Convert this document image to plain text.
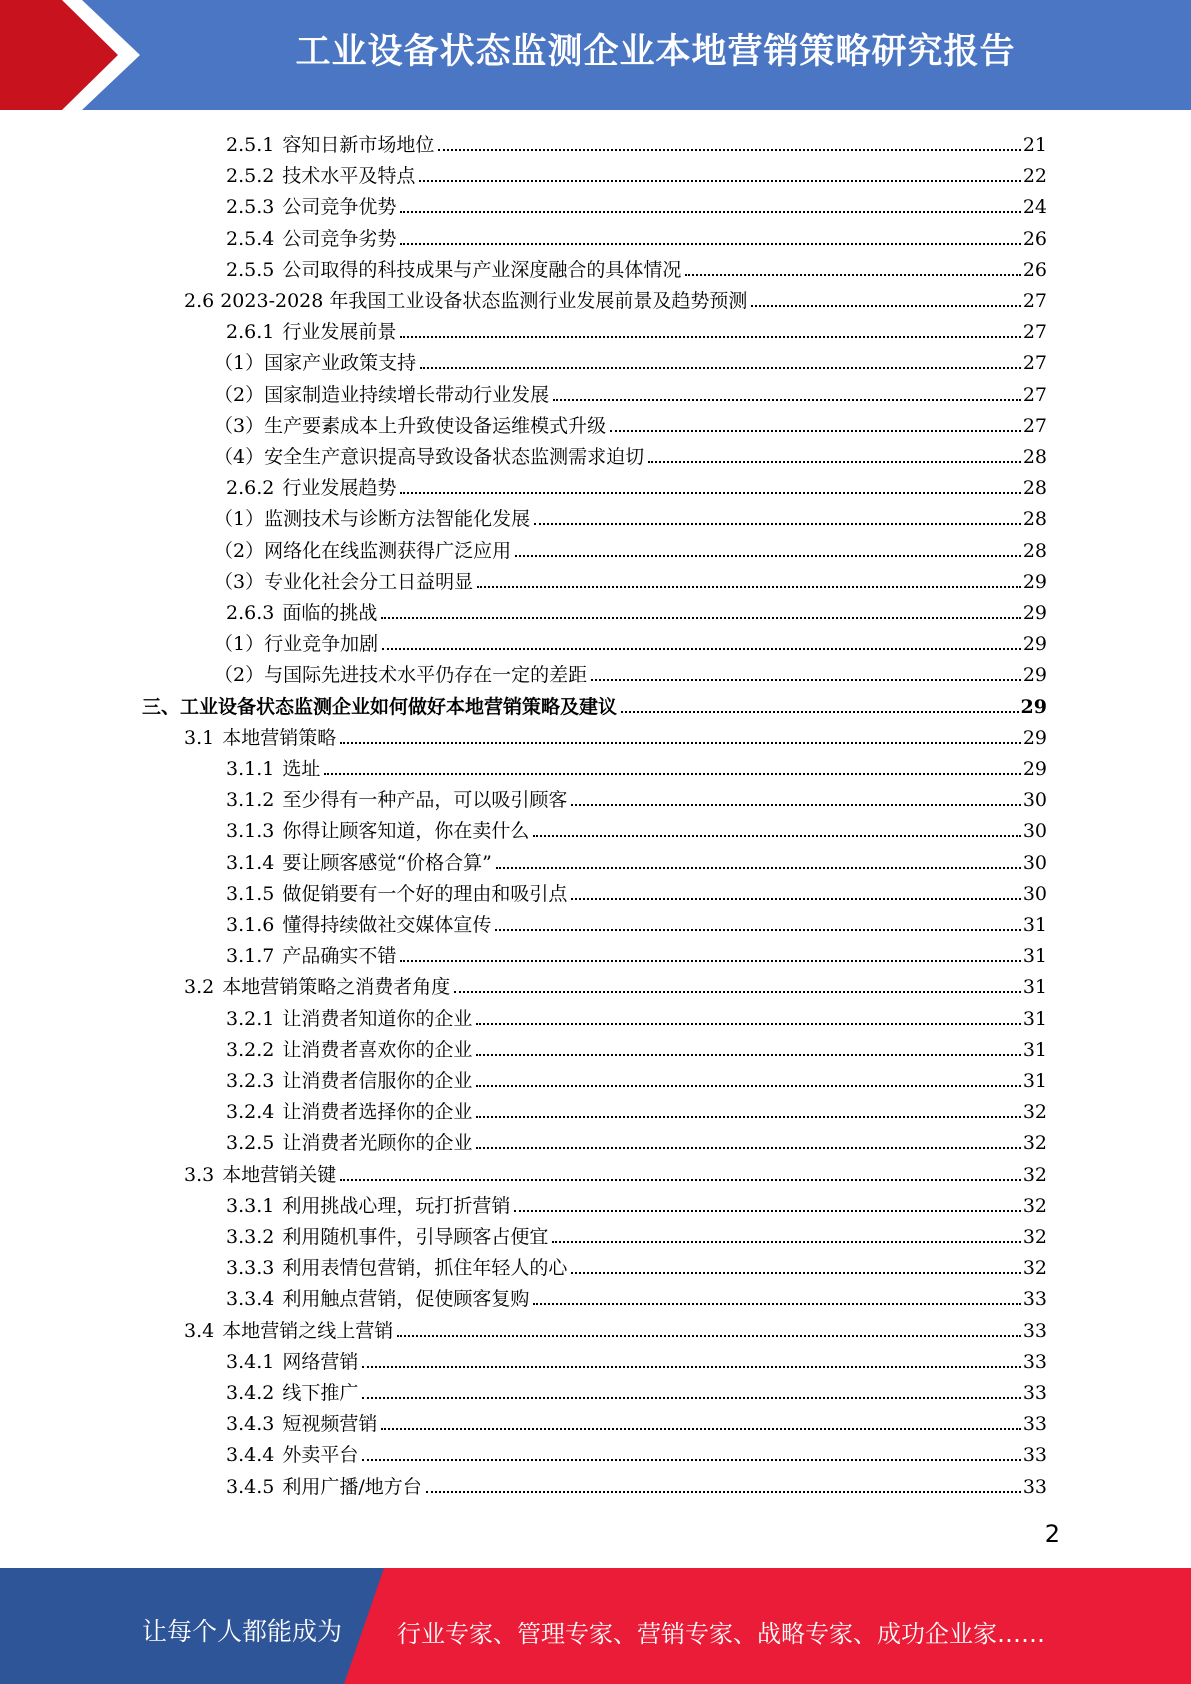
工业设备状态监测企业本地营销策略研究报告
2.5.1 容知日新市场地位	21
2.5.2 技术水平及特点	22
2.5.3 公司竞争优势	24
2.5.4 公司竞争劣势	26
2.5.5 公司取得的科技成果与产业深度融合的具体情况	26
2.6 2023-2028 年我国工业设备状态监测行业发展前景及趋势预测	27
2.6.1 行业发展前景	27
（1） 国家产业政策支持	27
（2） 国家制造业持续增长带动行业发展	27
（3） 生产要素成本上升致使设备运维模式升级	27
（4） 安全生产意识提高导致设备状态监测需求迫切	28
2.6.2 行业发展趋势	28
（1） 监测技术与诊断方法智能化发展	28
（2） 网络化在线监测获得广泛应用	28
（3） 专业化社会分工日益明显	29
2.6.3 面临的挑战	29
（1） 行业竞争加剧	29
（2） 与国际先进技术水平仍存在一定的差距	29
三、 工业设备状态监测企业如何做好本地营销策略及建议	29
3.1 本地营销策略	29
3.1.1 选址	29
3.1.2 至少得有一种产品，可以吸引顾客	30
3.1.3 你得让顾客知道，你在卖什么	30
3.1.4 要让顾客感觉“价格合算”	30
3.1.5 做促销要有一个好的理由和吸引点	30
3.1.6 懂得持续做社交媒体宣传	31
3.1.7 产品确实不错	31
3.2 本地营销策略之消费者角度	31
3.2.1 让消费者知道你的企业	31
3.2.2 让消费者喜欢你的企业	31
3.2.3 让消费者信服你的企业	31
3.2.4 让消费者选择你的企业	32
3.2.5 让消费者光顾你的企业	32
3.3 本地营销关键	32
3.3.1 利用挑战心理，玩打折营销	32
3.3.2 利用随机事件，引导顾客占便宜	32
3.3.3 利用表情包营销，抓住年轻人的心	32
3.3.4 利用触点营销，促使顾客复购	33
3.4 本地营销之线上营销	33
3.4.1 网络营销	33
3.4.2 线下推广	33
3.4.3 短视频营销	33
3.4.4 外卖平台	33
3.4.5 利用广播/地方台	33
2
让每个人都能成为 行业专家、管理专家、营销专家、战略专家、成功企业家……
